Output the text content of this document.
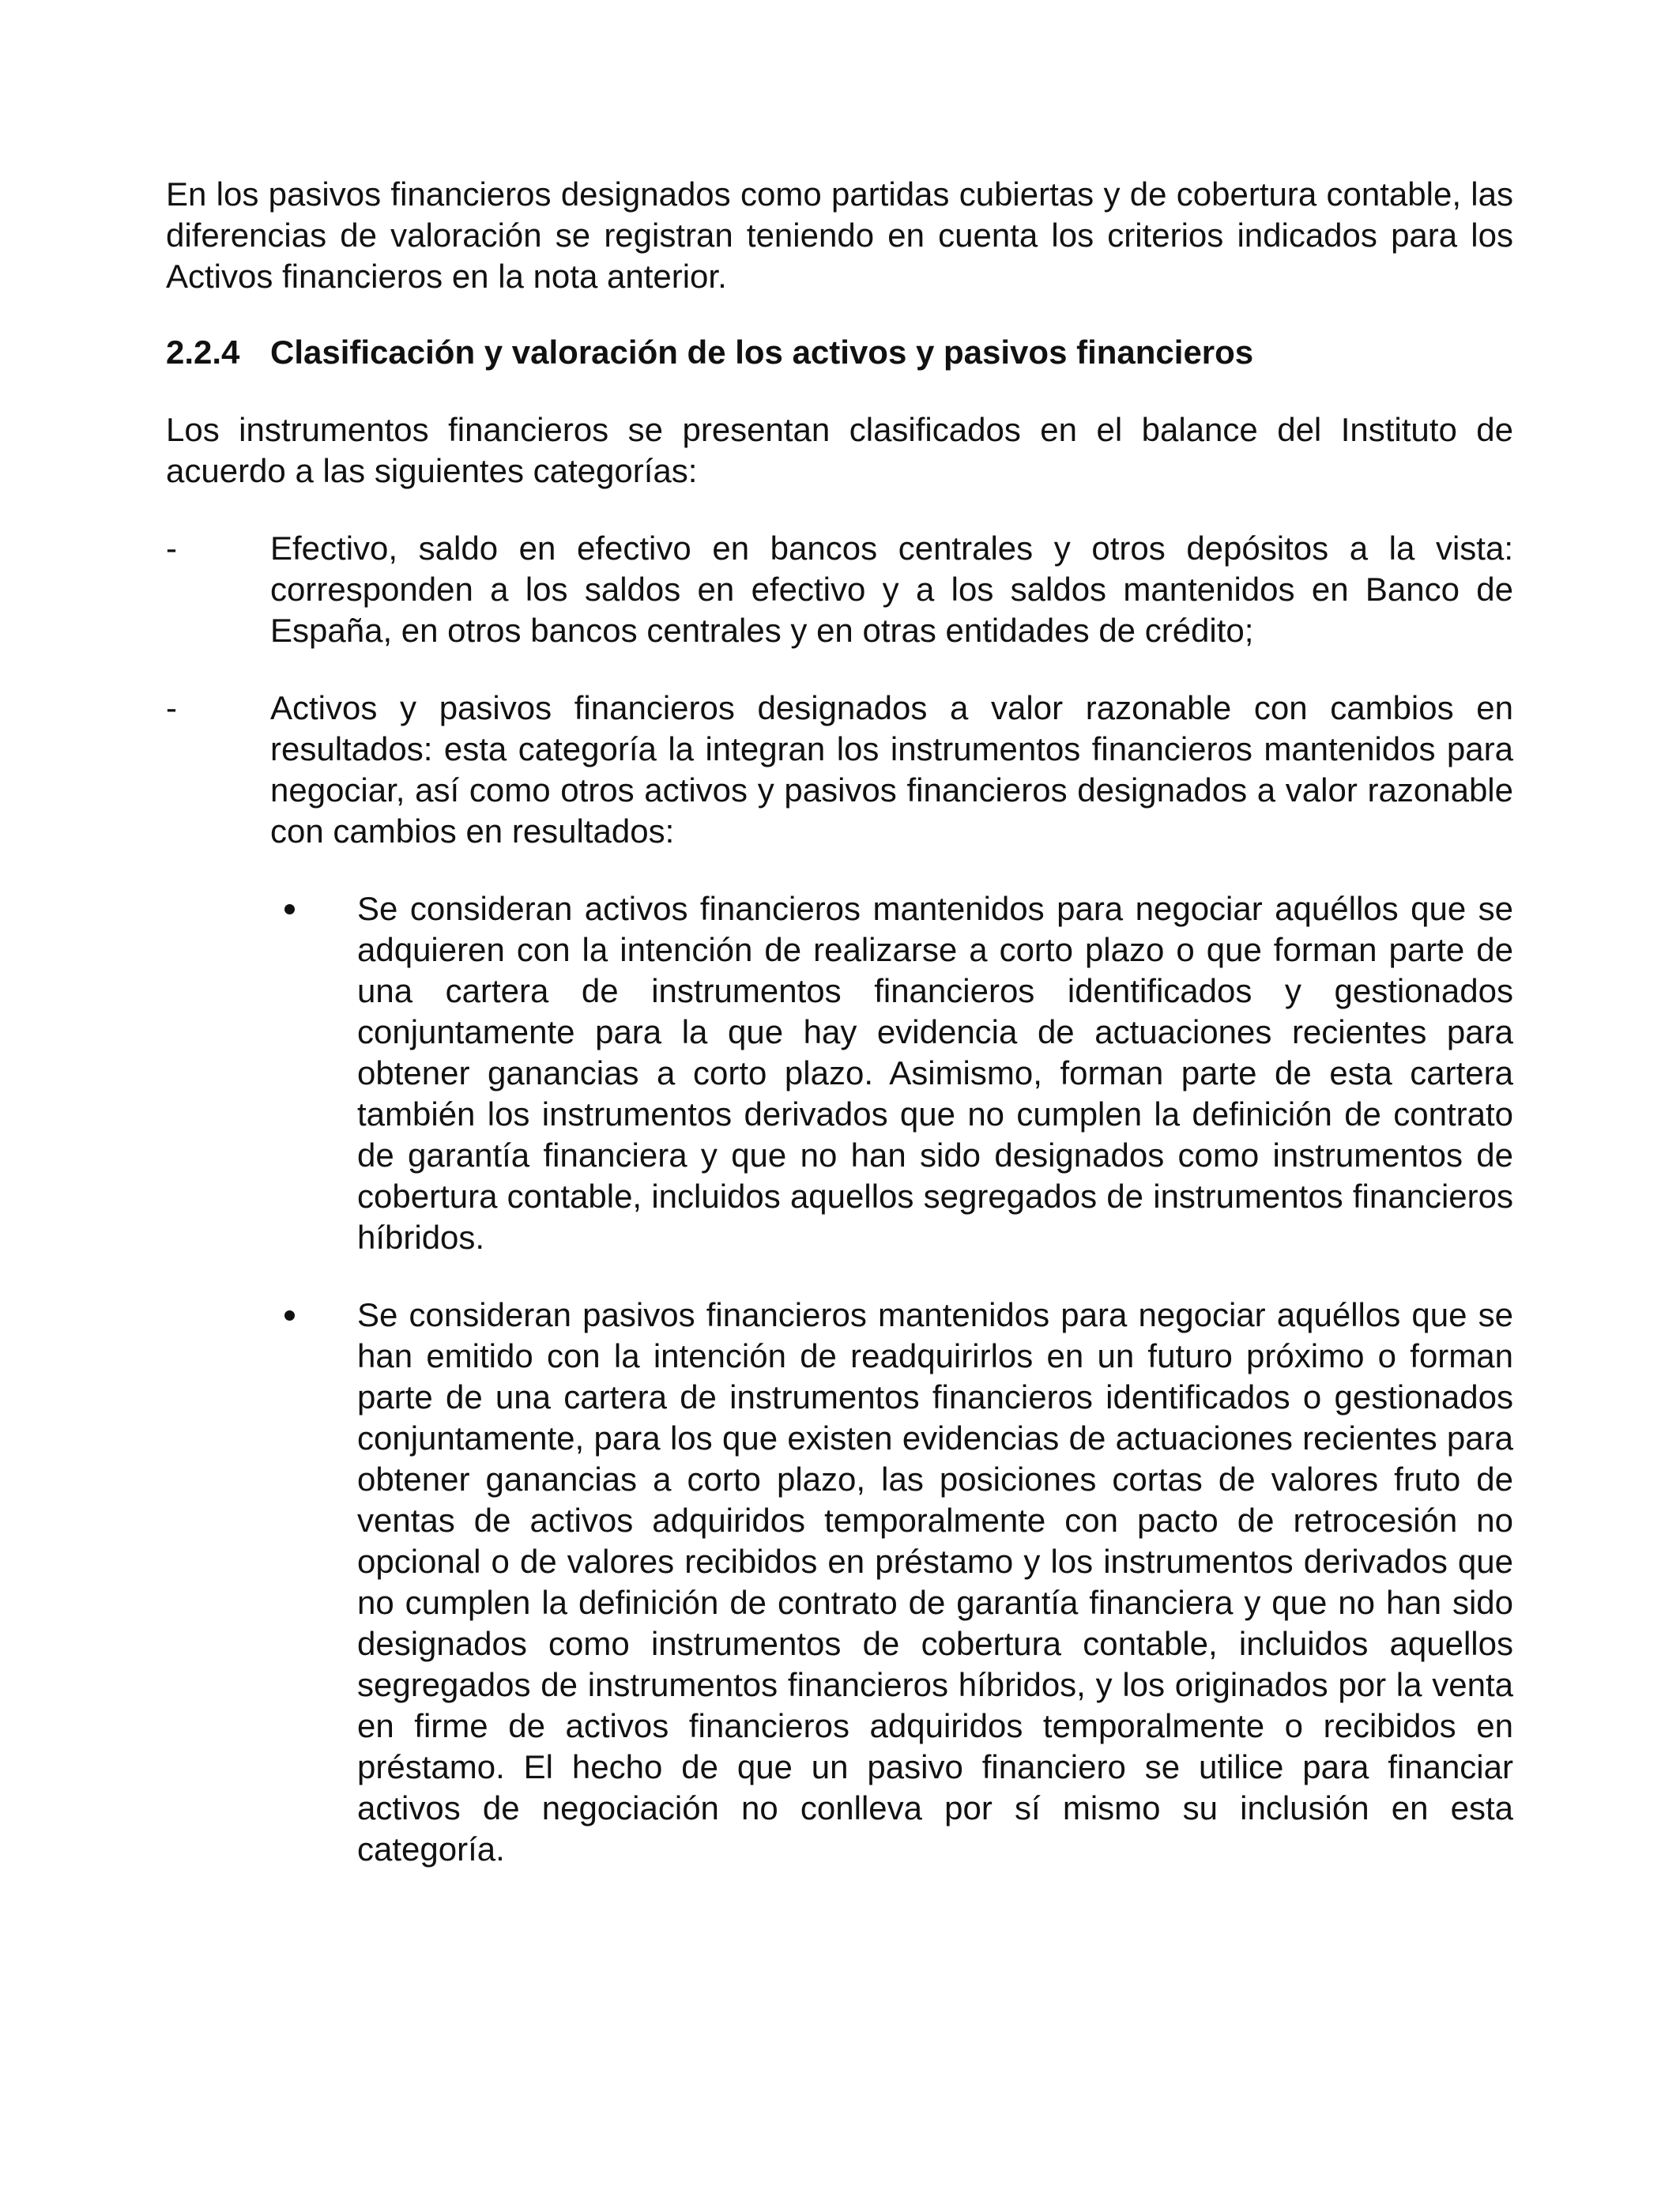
En los pasivos financieros designados como partidas cubiertas y de cobertura contable, las diferencias de valoración se registran teniendo en cuenta los criterios indicados para los Activos financieros en la nota anterior.

2.2.4 Clasificación y valoración de los activos y pasivos financieros

Los instrumentos financieros se presentan clasificados en el balance del Instituto de acuerdo a las siguientes categorías:

-	Efectivo, saldo en efectivo en bancos centrales y otros depósitos a la vista: corresponden a los saldos en efectivo y a los saldos mantenidos en Banco de España, en otros bancos centrales y en otras entidades de crédito;
-	Activos y pasivos financieros designados a valor razonable con cambios en resultados: esta categoría la integran los instrumentos financieros mantenidos para negociar, así como otros activos y pasivos financieros designados a valor razonable con cambios en resultados:
Se consideran activos financieros mantenidos para negociar aquéllos que se adquieren con la intención de realizarse a corto plazo o que forman parte de una cartera de instrumentos financieros identificados y gestionados conjuntamente para la que hay evidencia de actuaciones recientes para obtener ganancias a corto plazo. Asimismo, forman parte de esta cartera también los instrumentos derivados que no cumplen la definición de contrato de garantía financiera y que no han sido designados como instrumentos de cobertura contable, incluidos aquellos segregados de instrumentos financieros híbridos.
Se consideran pasivos financieros mantenidos para negociar aquéllos que se han emitido con la intención de readquirirlos en un futuro próximo o forman parte de una cartera de instrumentos financieros identificados o gestionados conjuntamente, para los que existen evidencias de actuaciones recientes para obtener ganancias a corto plazo, las posiciones cortas de valores fruto de ventas de activos adquiridos temporalmente con pacto de retrocesión no opcional o de valores recibidos en préstamo y los instrumentos derivados que no cumplen la definición de contrato de garantía financiera y que no han sido designados como instrumentos de cobertura contable, incluidos aquellos segregados de instrumentos financieros híbridos, y los originados por la venta en firme de activos financieros adquiridos temporalmente o recibidos en préstamo. El hecho de que un pasivo financiero se utilice para financiar activos de negociación no conlleva por sí mismo su inclusión en esta categoría.
